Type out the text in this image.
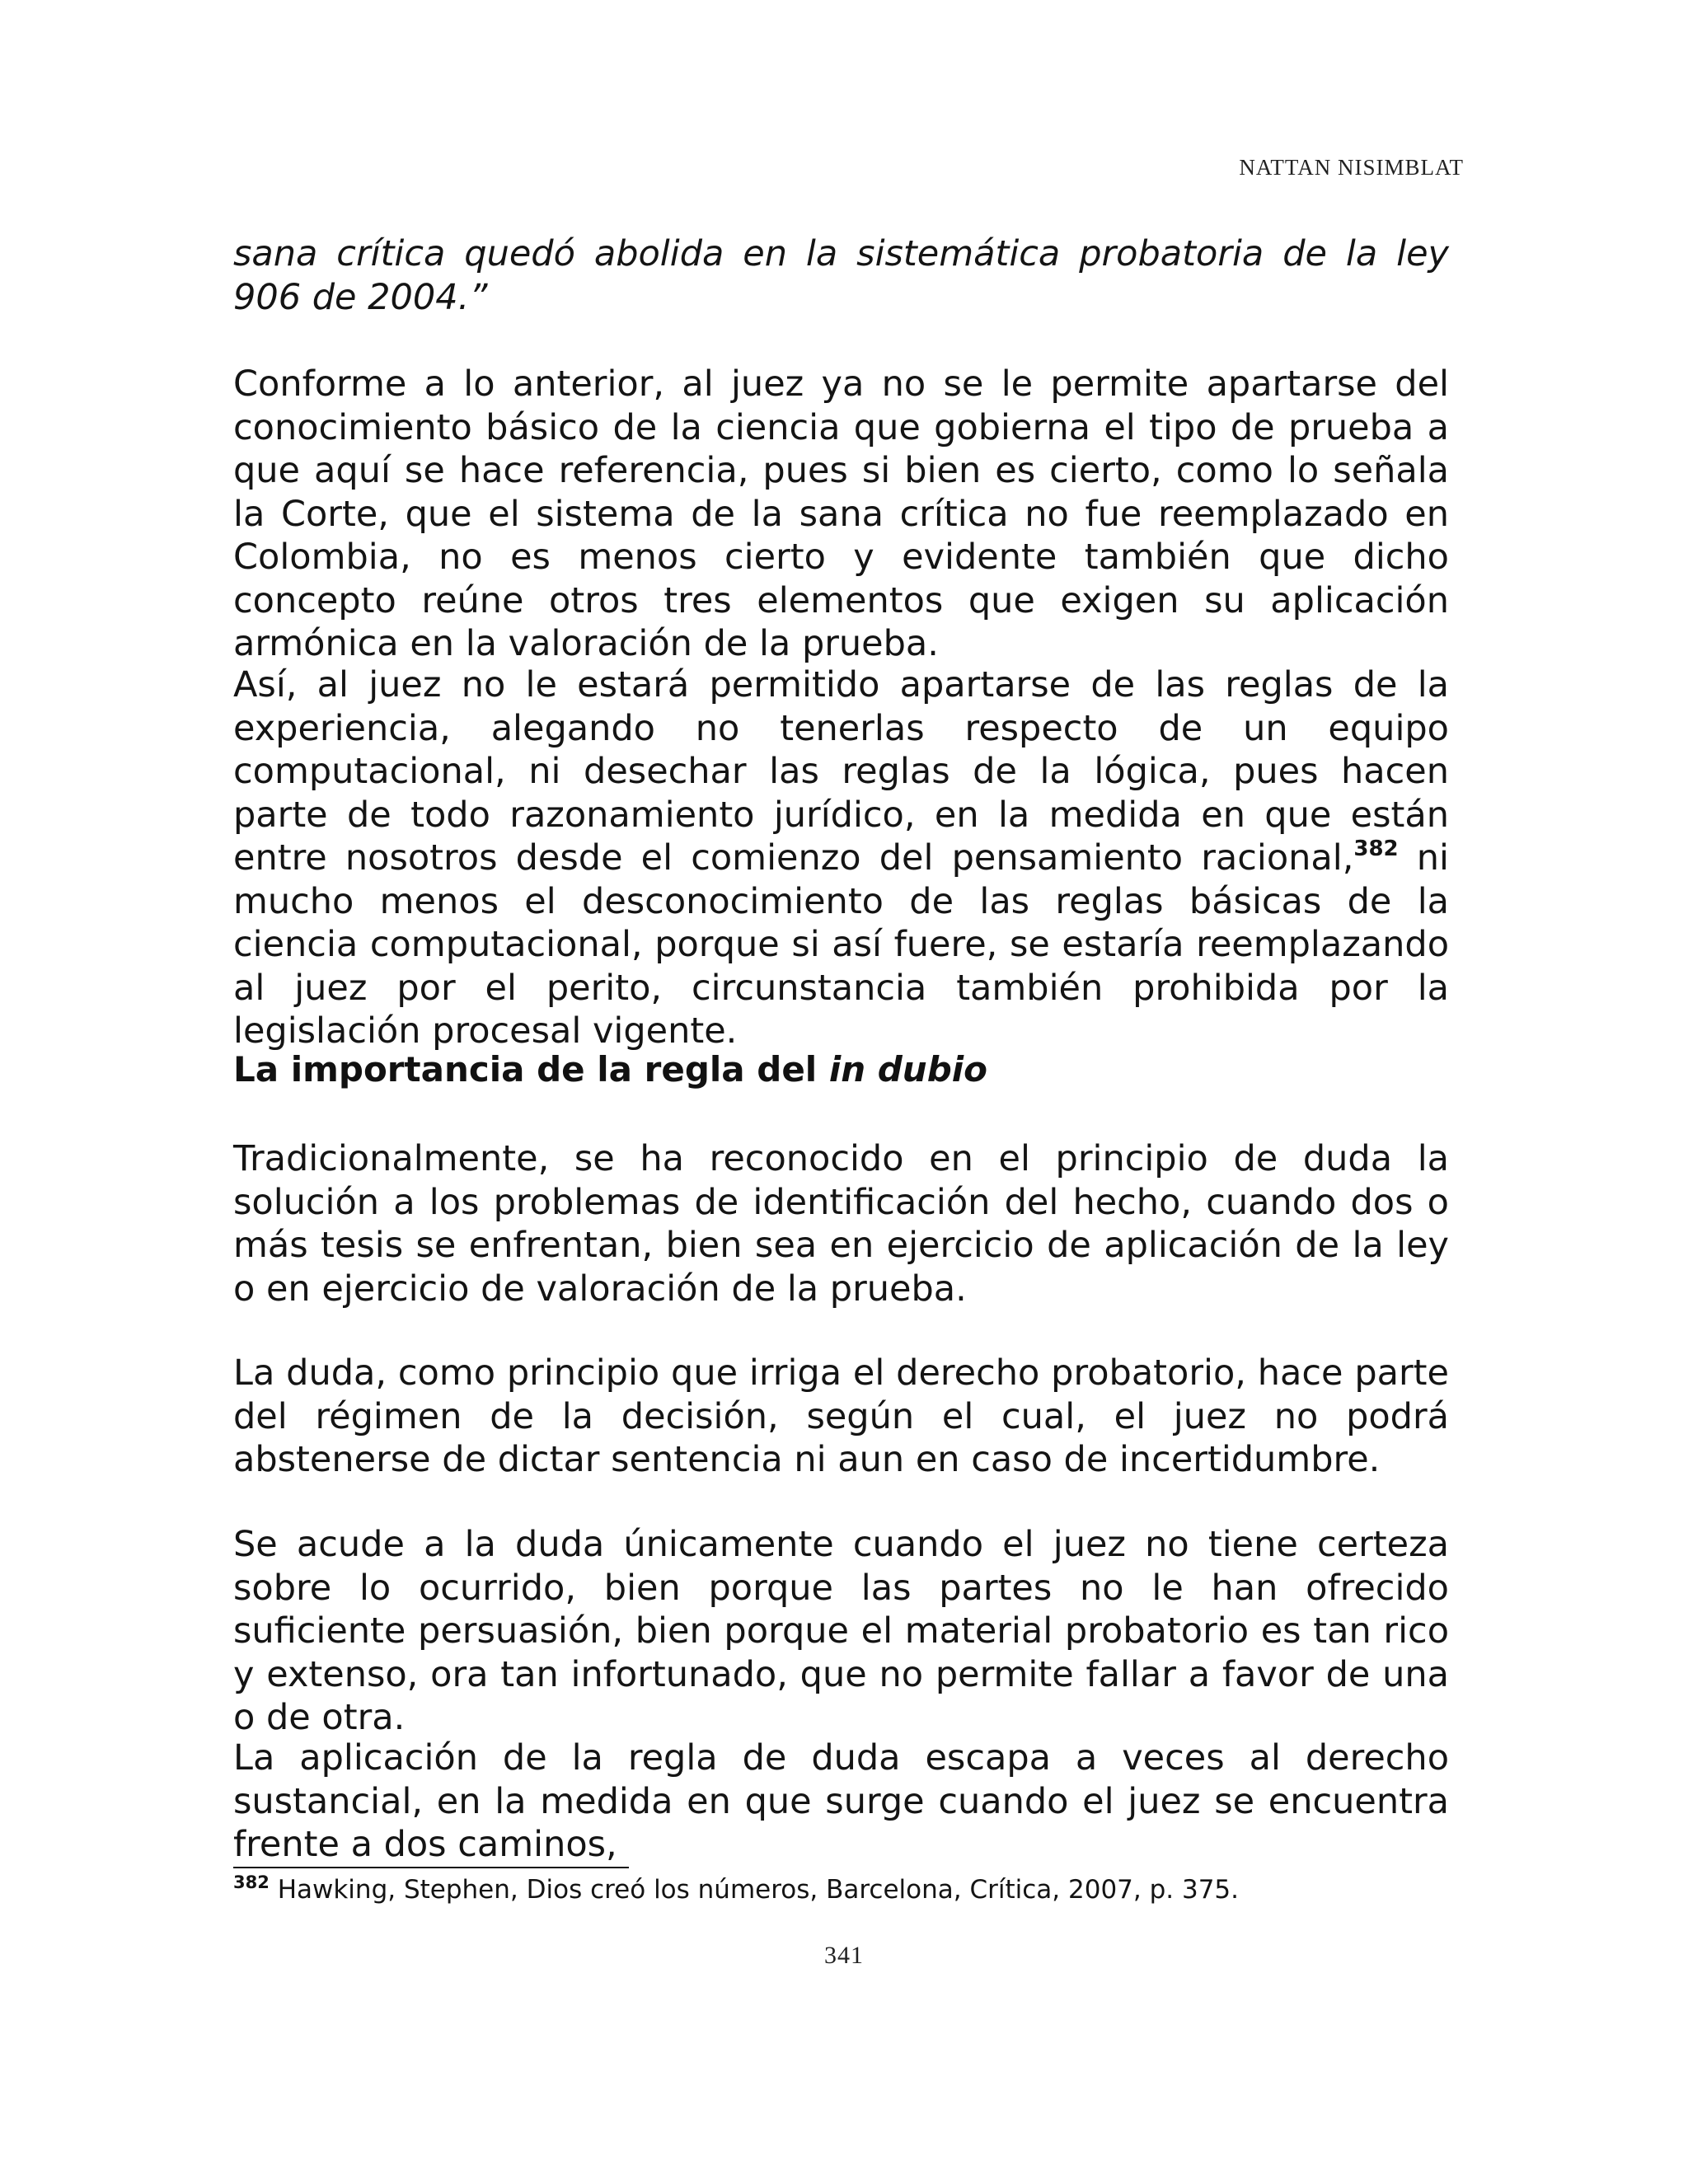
NATTAN NISIMBLAT

sana crítica quedó abolida en la sistemática probatoria de la ley 906 de 2004.”

Conforme a lo anterior, al juez ya no se le permite apartarse del conocimiento básico de la ciencia que gobierna el tipo de prueba a que aquí se hace referencia, pues si bien es cierto, como lo señala la Corte, que el sistema de la sana crítica no fue reemplazado en Colombia, no es menos cierto y evidente también que dicho concepto reúne otros tres elementos que exigen su aplicación armónica en la valoración de la prueba.

Así, al juez no le estará permitido apartarse de las reglas de la experiencia, alegando no tenerlas respecto de un equipo computacional, ni desechar las reglas de la lógica, pues hacen parte de todo razonamiento jurídico, en la medida en que están entre nosotros desde el comienzo del pensamiento racional,$^{382}$ ni mucho menos el desconocimiento de las reglas básicas de la ciencia computacional, porque si así fuere, se estaría reemplazando al juez por el perito, circunstancia también prohibida por la legislación procesal vigente.

La importancia de la regla del in dubio

Tradicionalmente, se ha reconocido en el principio de duda la solución a los problemas de identificación del hecho, cuando dos o más tesis se enfrentan, bien sea en ejercicio de aplicación de la ley o en ejercicio de valoración de la prueba.

La duda, como principio que irriga el derecho probatorio, hace parte del régimen de la decisión, según el cual, el juez no podrá abstenerse de dictar sentencia ni aun en caso de incertidumbre.

Se acude a la duda únicamente cuando el juez no tiene certeza sobre lo ocurrido, bien porque las partes no le han ofrecido suficiente persuasión, bien porque el material probatorio es tan rico y extenso, ora tan infortunado, que no permite fallar a favor de una o de otra.

La aplicación de la regla de duda escapa a veces al derecho sustancial, en la medida en que surge cuando el juez se encuentra frente a dos caminos,

$^{382}$ Hawking, Stephen, Dios creó los números, Barcelona, Crítica, 2007, p. 375.
341
